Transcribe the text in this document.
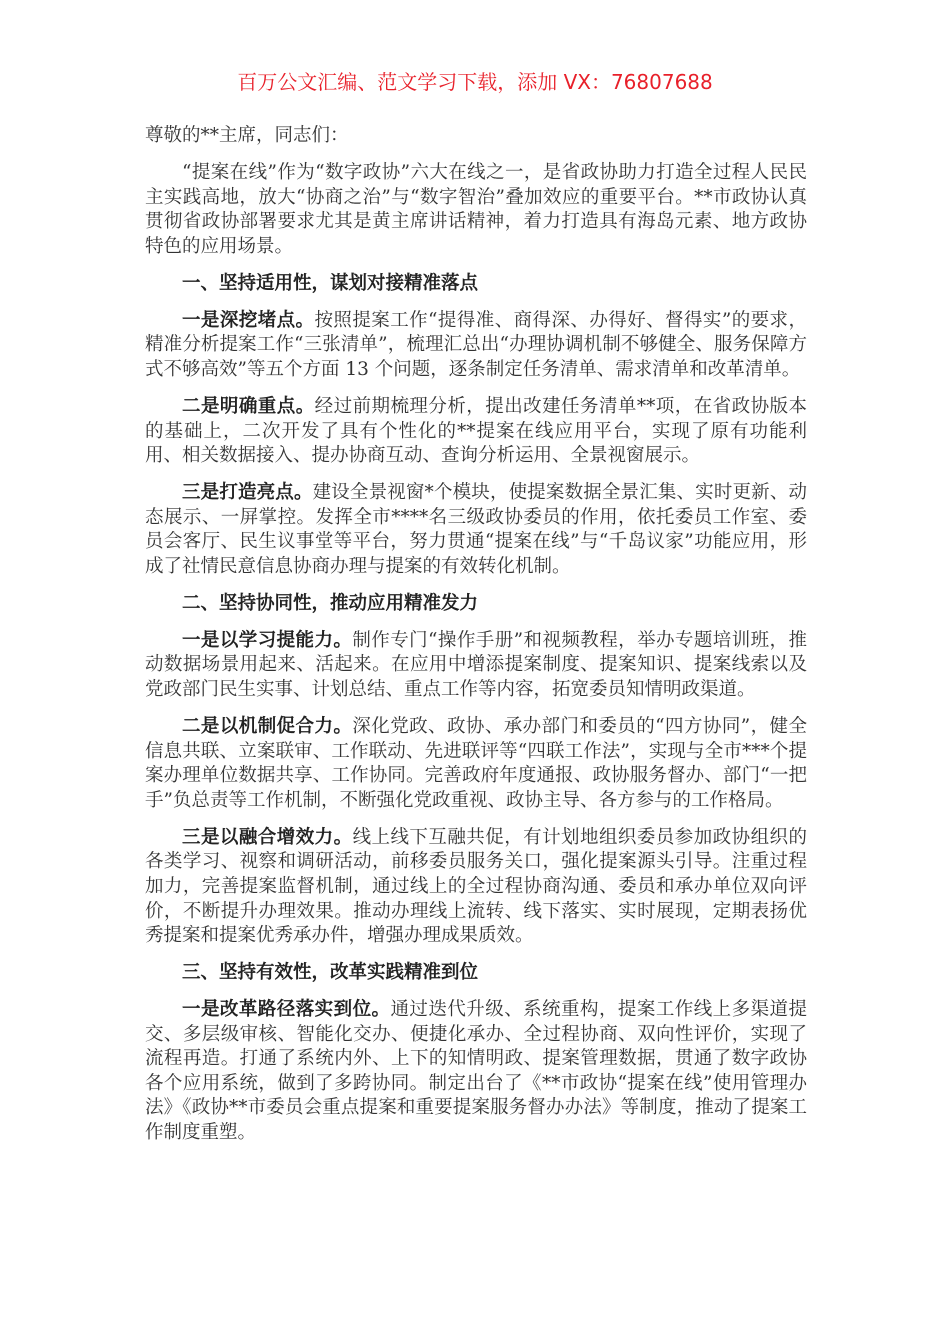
百万公文汇编、范文学习下载，添加 VX：76807688

尊敬的**主席，同志们：

“提案在线”作为“数字政协”六大在线之一，是省政协助力打造全过程人民民主实践高地，放大“协商之治”与“数字智治”叠加效应的重要平台。**市政协认真贯彻省政协部署要求尤其是黄主席讲话精神，着力打造具有海岛元素、地方政协特色的应用场景。

一、坚持适用性，谋划对接精准落点

一是深挖堵点。按照提案工作“提得准、商得深、办得好、督得实”的要求，精准分析提案工作“三张清单”，梳理汇总出“办理协调机制不够健全、服务保障方式不够高效”等五个方面 13 个问题，逐条制定任务清单、需求清单和改革清单。

二是明确重点。经过前期梳理分析，提出改建任务清单**项，在省政协版本的基础上，二次开发了具有个性化的**提案在线应用平台，实现了原有功能利用、相关数据接入、提办协商互动、查询分析运用、全景视窗展示。

三是打造亮点。建设全景视窗*个模块，使提案数据全景汇集、实时更新、动态展示、一屏掌控。发挥全市****名三级政协委员的作用，依托委员工作室、委员会客厅、民生议事堂等平台，努力贯通“提案在线”与“千岛议家”功能应用，形成了社情民意信息协商办理与提案的有效转化机制。

二、坚持协同性，推动应用精准发力

一是以学习提能力。制作专门“操作手册”和视频教程，举办专题培训班，推动数据场景用起来、活起来。在应用中增添提案制度、提案知识、提案线索以及党政部门民生实事、计划总结、重点工作等内容，拓宽委员知情明政渠道。

二是以机制促合力。深化党政、政协、承办部门和委员的“四方协同”，健全信息共联、立案联审、工作联动、先进联评等“四联工作法”，实现与全市***个提案办理单位数据共享、工作协同。完善政府年度通报、政协服务督办、部门“一把手”负总责等工作机制，不断强化党政重视、政协主导、各方参与的工作格局。

三是以融合增效力。线上线下互融共促，有计划地组织委员参加政协组织的各类学习、视察和调研活动，前移委员服务关口，强化提案源头引导。注重过程加力，完善提案监督机制，通过线上的全过程协商沟通、委员和承办单位双向评价，不断提升办理效果。推动办理线上流转、线下落实、实时展现，定期表扬优秀提案和提案优秀承办件，增强办理成果质效。

三、坚持有效性，改革实践精准到位

一是改革路径落实到位。通过迭代升级、系统重构，提案工作线上多渠道提交、多层级审核、智能化交办、便捷化承办、全过程协商、双向性评价，实现了流程再造。打通了系统内外、上下的知情明政、提案管理数据，贯通了数字政协各个应用系统，做到了多跨协同。制定出台了《**市政协“提案在线”使用管理办法》《政协**市委员会重点提案和重要提案服务督办办法》等制度，推动了提案工作制度重塑。
